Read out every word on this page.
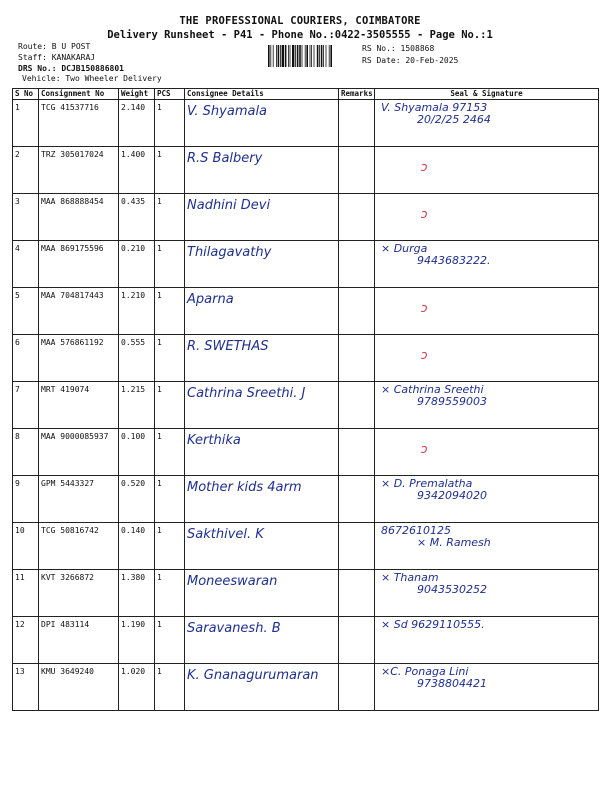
THE PROFESSIONAL COURIERS, COIMBATORE
Delivery Runsheet - P41 - Phone No.:0422-3505555 - Page No.:1
Route: B U POST
Staff: KANAKARAJ
DRS No.: DCJB150886801
Vehicle: Two Wheeler Delivery
RS No.: 1508868
RS Date: 20-Feb-2025
S No	Consignment No	Weight	PCS	Consignee Details	Remarks	Seal & Signature
1	TCG 41537716	2.140	1	V. Shyamala		V. Shyamala 97153
20/2/25 2464

2	TRZ 305017024	1.400	1	R.S Balbery		ↄ

3	MAA 868888454	0.435	1	Nadhini Devi		ↄ

4	MAA 869175596	0.210	1	Thilagavathy		× Durga
9443683222.

5	MAA 704817443	1.210	1	Aparna		ↄ

6	MAA 576861192	0.555	1	R. SWETHAS		ↄ

7	MRT 419074	1.215	1	Cathrina Sreethi. J		× Cathrina Sreethi
9789559003

8	MAA 9000085937	0.100	1	Kerthika		ↄ

9	GPM 5443327	0.520	1	Mother kids 4arm		× D. Premalatha
9342094020

10	TCG 50816742	0.140	1	Sakthivel. K		8672610125
× M. Ramesh

11	KVT 3266872	1.380	1	Moneeswaran		× Thanam
9043530252

12	DPI 483114	1.190	1	Saravanesh. B		× Sd 9629110555.

13	KMU 3649240	1.020	1	K. Gnanagurumaran		×C. Ponaga Lini
9738804421
